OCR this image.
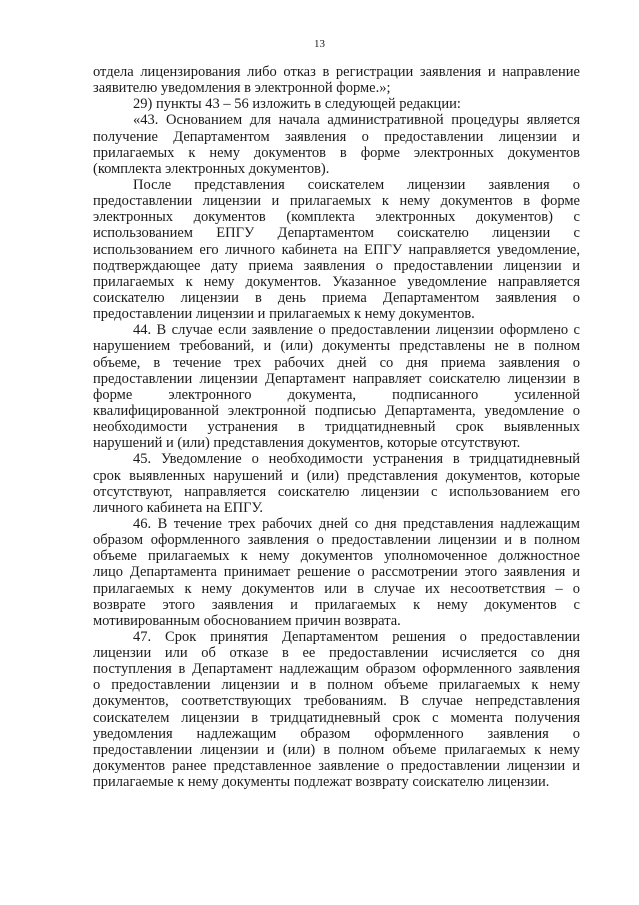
13
отдела лицензирования либо отказ в регистрации заявления и направление
заявителю уведомления в электронной форме.»;
29) пункты 43 – 56 изложить в следующей редакции:
«43. Основанием для начала административной процедуры является
получение Департаментом заявления о предоставлении лицензии и
прилагаемых к нему документов в форме электронных документов
(комплекта электронных документов).
После представления соискателем лицензии заявления о
предоставлении лицензии и прилагаемых к нему документов в форме
электронных документов (комплекта электронных документов) с
использованием ЕПГУ Департаментом соискателю лицензии с
использованием его личного кабинета на ЕПГУ направляется уведомление,
подтверждающее дату приема заявления о предоставлении лицензии и
прилагаемых к нему документов. Указанное уведомление направляется
соискателю лицензии в день приема Департаментом заявления о
предоставлении лицензии и прилагаемых к нему документов.
44. В случае если заявление о предоставлении лицензии оформлено с
нарушением требований, и (или) документы представлены не в полном
объеме, в течение трех рабочих дней со дня приема заявления о
предоставлении лицензии Департамент направляет соискателю лицензии в
форме электронного документа, подписанного усиленной
квалифицированной электронной подписью Департамента, уведомление о
необходимости устранения в тридцатидневный срок выявленных
нарушений и (или) представления документов, которые отсутствуют.
45. Уведомление о необходимости устранения в тридцатидневный
срок выявленных нарушений и (или) представления документов, которые
отсутствуют, направляется соискателю лицензии с использованием его
личного кабинета на ЕПГУ.
46. В течение трех рабочих дней со дня представления надлежащим
образом оформленного заявления о предоставлении лицензии и в полном
объеме прилагаемых к нему документов уполномоченное должностное
лицо Департамента принимает решение о рассмотрении этого заявления и
прилагаемых к нему документов или в случае их несоответствия – о
возврате этого заявления и прилагаемых к нему документов с
мотивированным обоснованием причин возврата.
47. Срок принятия Департаментом решения о предоставлении
лицензии или об отказе в ее предоставлении исчисляется со дня
поступления в Департамент надлежащим образом оформленного заявления
о предоставлении лицензии и в полном объеме прилагаемых к нему
документов, соответствующих требованиям. В случае непредставления
соискателем лицензии в тридцатидневный срок с момента получения
уведомления надлежащим образом оформленного заявления о
предоставлении лицензии и (или) в полном объеме прилагаемых к нему
документов ранее представленное заявление о предоставлении лицензии и
прилагаемые к нему документы подлежат возврату соискателю лицензии.
